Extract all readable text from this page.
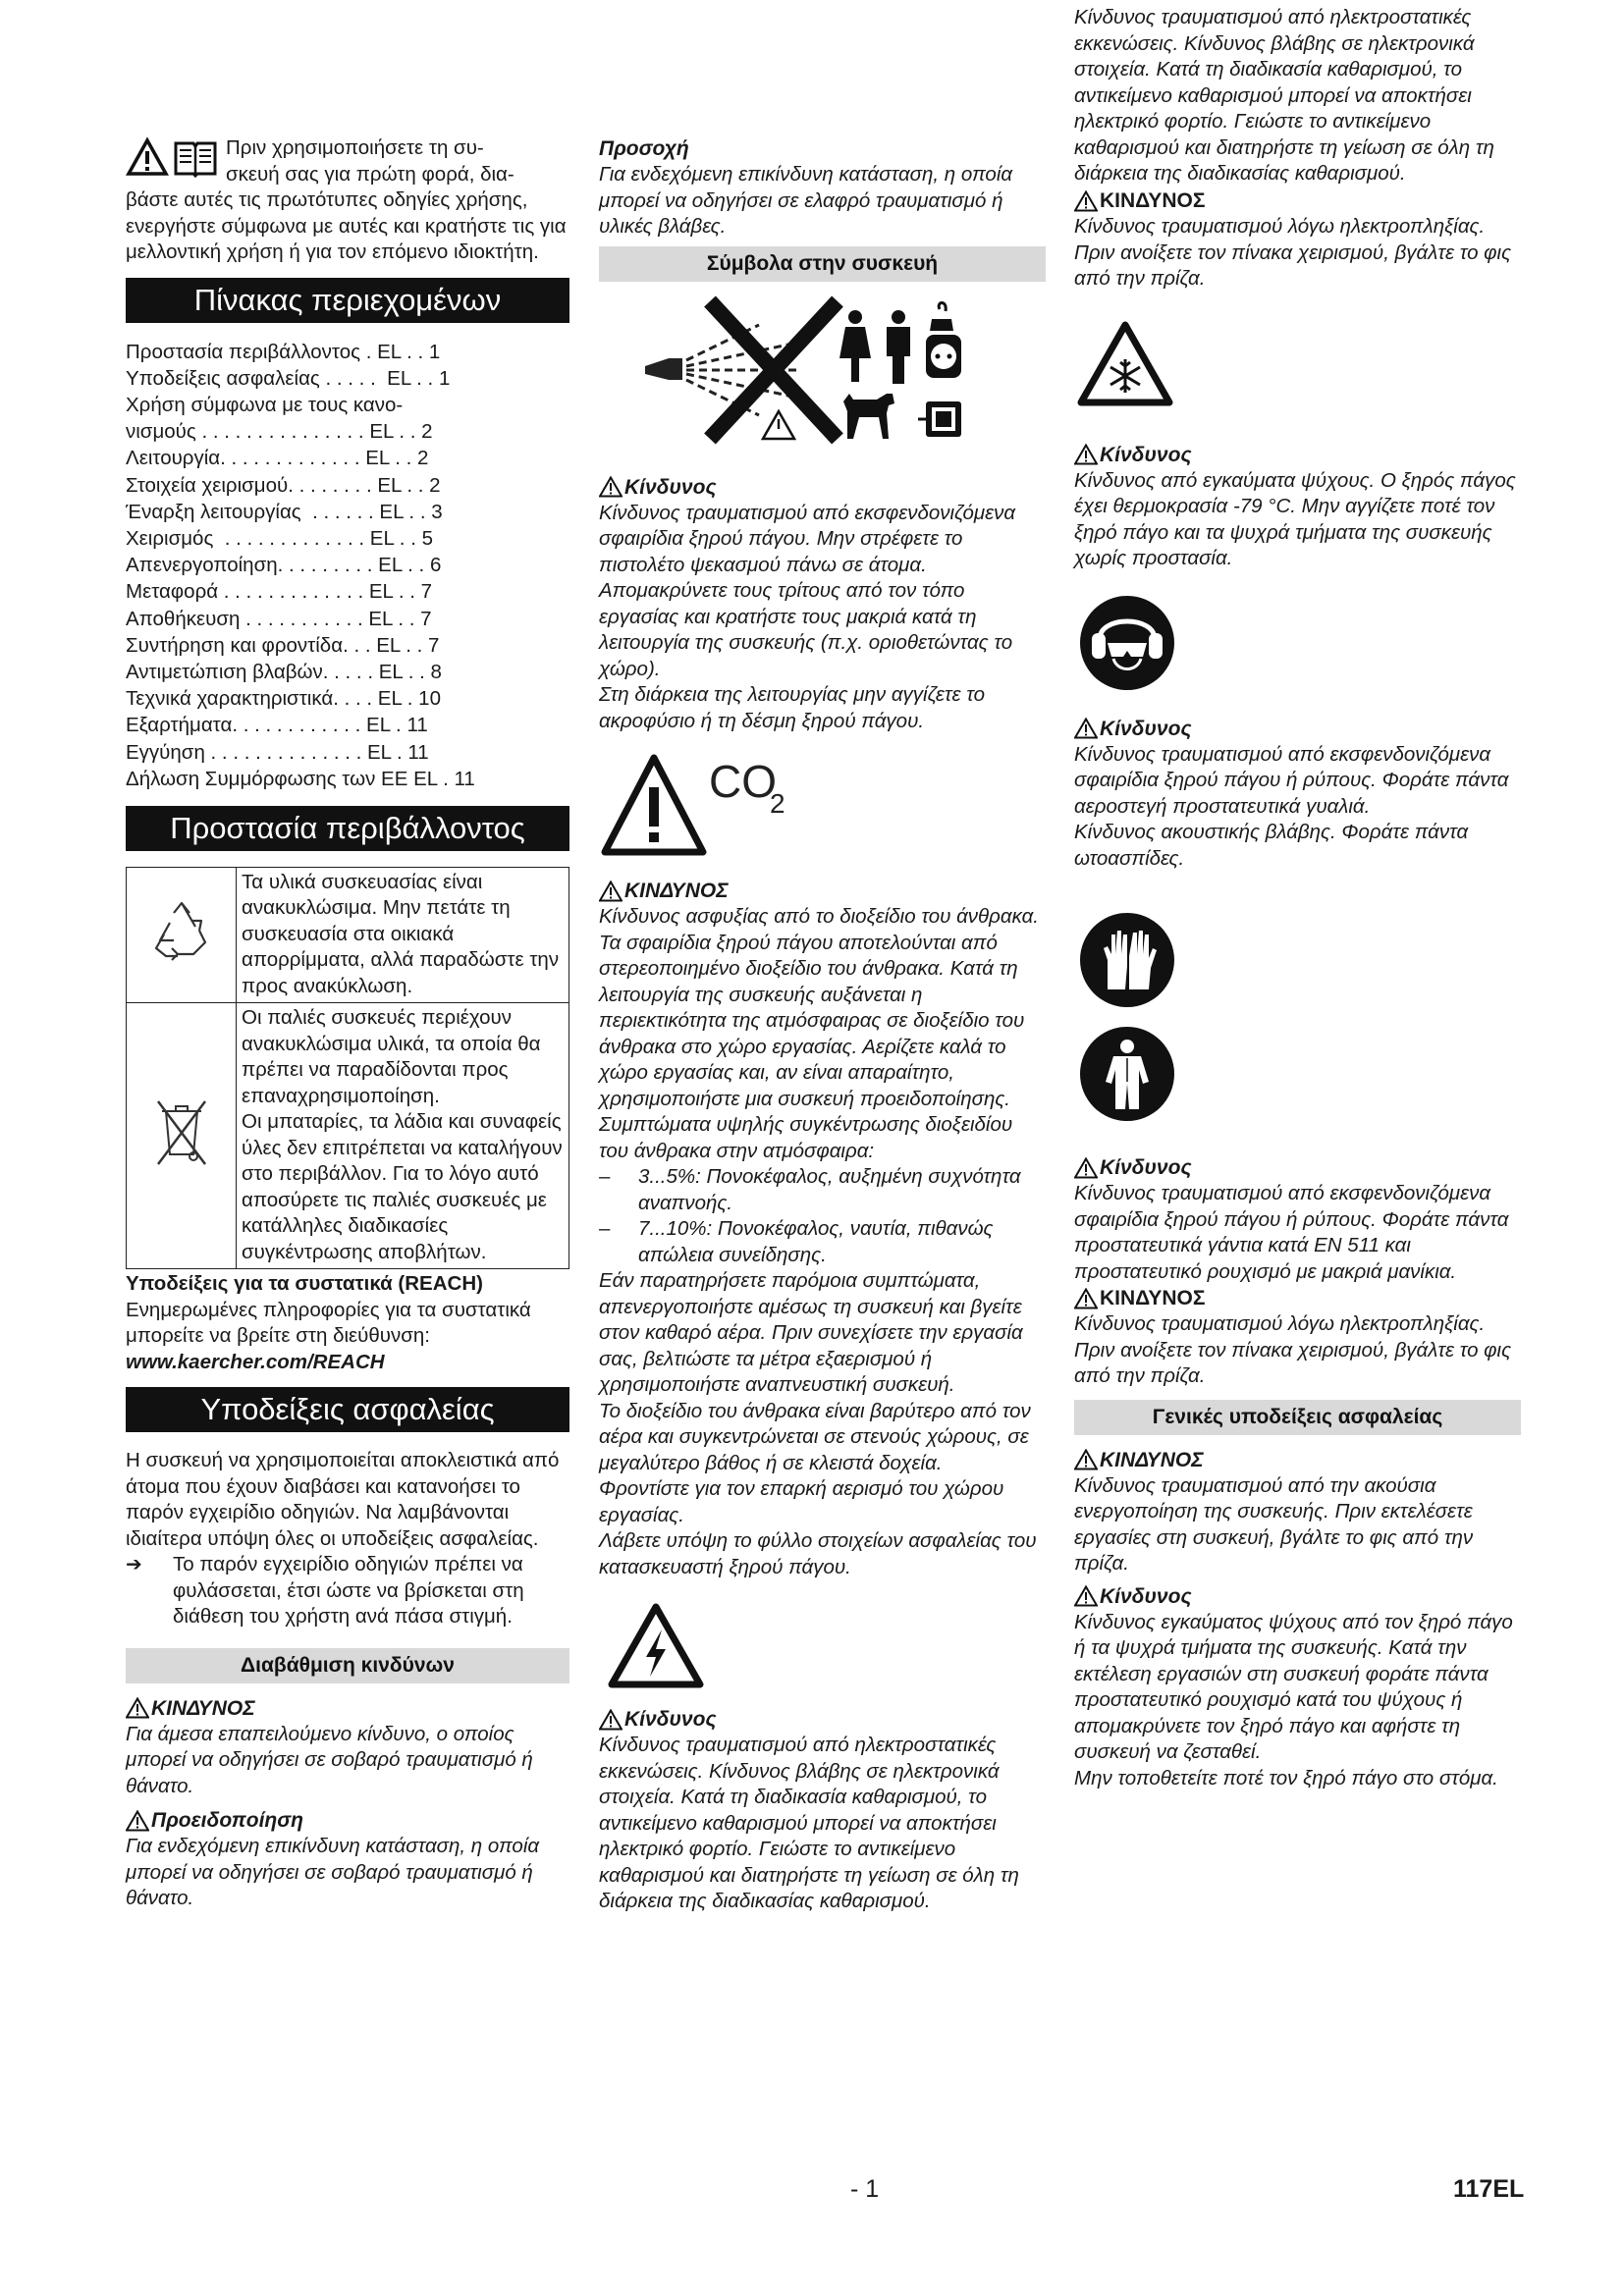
Πριν χρησιμοποιήσετε τη συ-

σκευή σας για πρώτη φορά, δια-

βάστε αυτές τις πρωτότυπες οδηγίες χρήσης, ενεργήστε σύμφωνα με αυτές και κρατήστε τις για μελλοντική χρήση ή για τον επόμενο ιδιοκτήτη.

Πίνακας περιεχομένων
Προστασία περιβάλλοντος . EL . . 1
Υποδείξεις ασφαλείας . . . . .  EL . . 1
Χρήση σύμφωνα με τους κανο-
νισμούς . . . . . . . . . . . . . . . EL . . 2
Λειτουργία. . . . . . . . . . . . . EL . . 2
Στοιχεία χειρισμού. . . . . . . . EL . . 2
Έναρξη λειτουργίας  . . . . . . EL . . 3
Χειρισμός  . . . . . . . . . . . . . EL . . 5
Απενεργοποίηση. . . . . . . . . EL . . 6
Μεταφορά . . . . . . . . . . . . . EL . . 7
Αποθήκευση . . . . . . . . . . . EL . . 7
Συντήρηση και φροντίδα. . . EL . . 7
Αντιμετώπιση βλαβών. . . . . EL . . 8
Τεχνικά χαρακτηριστικά. . . . EL . 10
Εξαρτήματα. . . . . . . . . . . . EL . 11
Εγγύηση . . . . . . . . . . . . . . EL . 11
Δήλωση Συμμόρφωσης των ΕΕ EL . 11
Προστασία περιβάλλοντος
	Τα υλικά συσκευασίας είναι ανακυκλώσιμα. Μην πετάτε τη συσκευασία στα οικιακά απορρίμματα, αλλά παραδώστε την προς ανακύκλωση.

Οι παλιές συσκευές περιέχουν ανακυκλώσιμα υλικά, τα οποία θα πρέπει να παραδίδονται προς επαναχρησιμοποίηση.

Οι μπαταρίες, τα λάδια και συναφείς ύλες δεν επιτρέπεται να καταλήγουν στο περιβάλλον. Για το λόγο αυτό αποσύρετε τις παλιές συσκευές με κατάλληλες διαδικασίες συγκέντρωσης αποβλήτων.

Υποδείξεις για τα συστατικά (REACH)

Ενημερωμένες πληροφορίες για τα συστατικά μπορείτε να βρείτε στη διεύθυνση:

www.kaercher.com/REACH

Υποδείξεις ασφαλείας

Η συσκευή να χρησιμοποιείται αποκλειστικά από άτομα που έχουν διαβάσει και κατανοήσει το παρόν εγχειρίδιο οδηγιών. Να λαμβάνονται ιδιαίτερα υπόψη όλες οι υποδείξεις ασφαλείας.

➔	Το παρόν εγχειρίδιο οδηγιών πρέπει να φυλάσσεται, έτσι ώστε να βρίσκεται στη διάθεση του χρήστη ανά πάσα στιγμή.

Διαβάθμιση κινδύνων
ΚΙΝΔΥΝΟΣ

Για άμεσα επαπειλούμενο κίνδυνο, ο οποίος μπορεί να οδηγήσει σε σοβαρό τραυματισμό ή θάνατο.

Προειδοποίηση

Για ενδεχόμενη επικίνδυνη κατάσταση, η οποία μπορεί να οδηγήσει σε σοβαρό τραυματισμό ή θάνατο.

Προσοχή

Για ενδεχόμενη επικίνδυνη κατάσταση, η οποία μπορεί να οδηγήσει σε ελαφρό τραυματισμό ή υλικές βλάβες.

Σύμβολα στην συσκευή
Κίνδυνος

Κίνδυνος τραυματισμού από εκσφενδονιζόμενα σφαιρίδια ξηρού πάγου. Μην στρέφετε το πιστολέτο ψεκασμού πάνω σε άτομα. Απομακρύνετε τους τρίτους από τον τόπο εργασίας και κρατήστε τους μακριά κατά τη λειτουργία της συσκευής (π.χ. οριοθετώντας το χώρο).

Στη διάρκεια της λειτουργίας μην αγγίζετε το ακροφύσιο ή τη δέσμη ξηρού πάγου.

CO
2
ΚΙΝΔΥΝΟΣ

Κίνδυνος ασφυξίας από το διοξείδιο του άνθρακα. Τα σφαιρίδια ξηρού πάγου αποτελούνται από στερεοποιημένο διοξείδιο του άνθρακα. Κατά τη λειτουργία της συσκευής αυξάνεται η περιεκτικότητα της ατμόσφαιρας σε διοξείδιο του άνθρακα στο χώρο εργασίας. Αερίζετε καλά το χώρο εργασίας και, αν είναι απαραίτητο, χρησιμοποιήστε μια συσκευή προειδοποίησης. Συμπτώματα υψηλής συγκέντρωσης διοξειδίου του άνθρακα στην ατμόσφαιρα:

– 3...5%: Πονοκέφαλος, αυξημένη συχνότητα αναπνοής.
– 7...10%: Πονοκέφαλος, ναυτία, πιθανώς απώλεια συνείδησης.

Εάν παρατηρήσετε παρόμοια συμπτώματα, απενεργοποιήστε αμέσως τη συσκευή και βγείτε στον καθαρό αέρα. Πριν συνεχίσετε την εργασία σας, βελτιώστε τα μέτρα εξαερισμού ή χρησιμοποιήστε αναπνευστική συσκευή.

Το διοξείδιο του άνθρακα είναι βαρύτερο από τον αέρα και συγκεντρώνεται σε στενούς χώρους, σε μεγαλύτερο βάθος ή σε κλειστά δοχεία.

Φροντίστε για τον επαρκή αερισμό του χώρου εργασίας.

Λάβετε υπόψη το φύλλο στοιχείων ασφαλείας του κατασκευαστή ξηρού πάγου.

Κίνδυνος

Κίνδυνος τραυματισμού από ηλεκτροστατικές εκκενώσεις. Κίνδυνος βλάβης σε ηλεκτρονικά στοιχεία. Κατά τη διαδικασία καθαρισμού, το αντικείμενο καθαρισμού μπορεί να αποκτήσει ηλεκτρικό φορτίο. Γειώστε το αντικείμενο καθαρισμού και διατηρήστε τη γείωση σε όλη τη διάρκεια της διαδικασίας καθαρισμού.

Κίνδυνος τραυματισμού από ηλεκτροστατικές εκκενώσεις. Κίνδυνος βλάβης σε ηλεκτρονικά στοιχεία. Κατά τη διαδικασία καθαρισμού, το αντικείμενο καθαρισμού μπορεί να αποκτήσει ηλεκτρικό φορτίο. Γειώστε το αντικείμενο καθαρισμού και διατηρήστε τη γείωση σε όλη τη διάρκεια της διαδικασίας καθαρισμού.

ΚΙΝΔΥΝΟΣ

Κίνδυνος τραυματισμού λόγω ηλεκτροπληξίας. Πριν ανοίξετε τον πίνακα χειρισμού, βγάλτε το φις από την πρίζα.

Κίνδυνος

Κίνδυνος από εγκαύματα ψύχους. Ο ξηρός πάγος έχει θερμοκρασία -79 °C. Μην αγγίζετε ποτέ τον ξηρό πάγο και τα ψυχρά τμήματα της συσκευής χωρίς προστασία.

Κίνδυνος

Κίνδυνος τραυματισμού από εκσφενδονιζόμενα σφαιρίδια ξηρού πάγου ή ρύπους. Φοράτε πάντα αεροστεγή προστατευτικά γυαλιά.

Κίνδυνος ακουστικής βλάβης. Φοράτε πάντα ωτοασπίδες.

Κίνδυνος

Κίνδυνος τραυματισμού από εκσφενδονιζόμενα σφαιρίδια ξηρού πάγου ή ρύπους. Φοράτε πάντα προστατευτικά γάντια κατά EN 511 και προστατευτικό ρουχισμό με μακριά μανίκια.

ΚΙΝΔΥΝΟΣ

Κίνδυνος τραυματισμού λόγω ηλεκτροπληξίας. Πριν ανοίξετε τον πίνακα χειρισμού, βγάλτε το φις από την πρίζα.

Γενικές υποδείξεις ασφαλείας
ΚΙΝΔΥΝΟΣ

Κίνδυνος τραυματισμού από την ακούσια ενεργοποίηση της συσκευής. Πριν εκτελέσετε εργασίες στη συσκευή, βγάλτε το φις από την πρίζα.

Κίνδυνος

Κίνδυνος εγκαύματος ψύχους από τον ξηρό πάγο ή τα ψυχρά τμήματα της συσκευής. Κατά την εκτέλεση εργασιών στη συσκευή φοράτε πάντα προστατευτικό ρουχισμό κατά του ψύχους ή απομακρύνετε τον ξηρό πάγο και αφήστε τη συσκευή να ζεσταθεί.

Μην τοποθετείτε ποτέ τον ξηρό πάγο στο στόμα.

- 1	117EL
